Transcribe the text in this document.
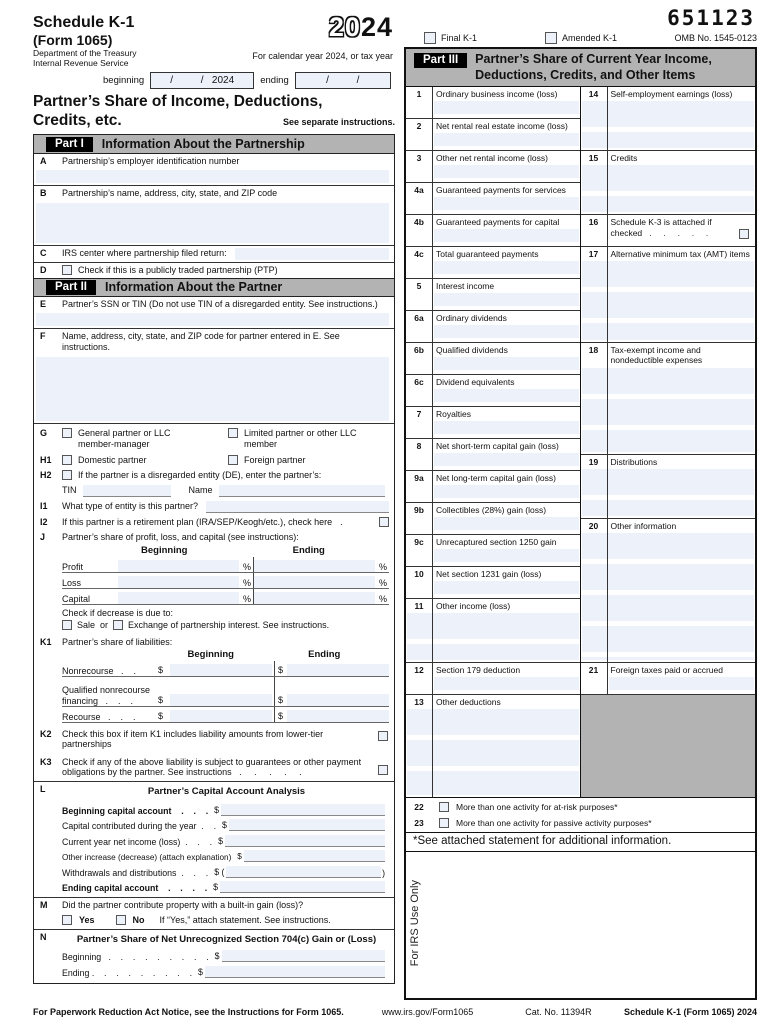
Schedule K-1
(Form 1065)
Department of the Treasury
Internal Revenue Service
2024
For calendar year 2024, or tax year
beginning	/          /   2024	ending	/          /
Partner’s Share of Income, Deductions,
Credits, etc.	See separate instructions.
Part I	Information About the Partnership
A	Partnership’s employer identification number
B	Partnership’s name, address, city, state, and ZIP code
C	IRS center where partnership filed return:
D	Check if this is a publicly traded partnership (PTP)
Part II	Information About the Partner
E	Partner’s SSN or TIN (Do not use TIN of a disregarded entity. See instructions.)
F	Name, address, city, state, and ZIP code for partner entered in E. See instructions.
G	General partner or LLC member-manager
Limited partner or other LLC member
H1	Domestic partner	Foreign partner
H2	If the partner is a disregarded entity (DE), enter the partner’s:
TIN	Name
I1	What type of entity is this partner?
I2	If this partner is a retirement plan (IRA/SEP/Keogh/etc.), check here .
J	Partner’s share of profit, loss, and capital (see instructions):
Beginning	Ending
Profit	%	%
Loss	%	%
Capital	%	%
Check if decrease is due to:
Sale or Exchange of partnership interest. See instructions.
K1	Partner’s share of liabilities:
Beginning	Ending
Nonrecourse   .    .	$	$
Qualified nonrecourse financing   .    .    .	$	$
Recourse   .    .    .	$	$
K2	Check this box if item K1 includes liability amounts from lower-tier partnerships
K3	Check if any of the above liability is subject to guarantees or other payment obligations by the partner. See instructions   .     .     .     .     .
L	Partner’s Capital Account Analysis
Beginning capital account    .    .    . $
Capital contributed during the year  .    . $
Current year net income (loss)  .    .    . $
Other increase (decrease) (attach explanation) $
Withdrawals and distributions  .    .    . $ (	)
Ending capital account    .    .    .    . $
M	Did the partner contribute property with a built-in gain (loss)?
Yes	No If “Yes,” attach statement. See instructions.
N	Partner’s Share of Net Unrecognized Section 704(c) Gain or (Loss)
Beginning   .    .    .    .    .    .    .    .    . $
Ending .    .    .    .    .    .    .    .    . $
651123
Final K-1	Amended K-1	OMB No. 1545-0123
Part III	Partner’s Share of Current Year Income,
Deductions, Credits, and Other Items
1	Ordinary business income (loss)
2	Net rental real estate income (loss)
3	Other net rental income (loss)
4a	Guaranteed payments for services
4b	Guaranteed payments for capital
4c	Total guaranteed payments
5	Interest income
6a	Ordinary dividends
6b	Qualified dividends
6c	Dividend equivalents
7	Royalties
8	Net short-term capital gain (loss)
9a	Net long-term capital gain (loss)
9b	Collectibles (28%) gain (loss)
9c	Unrecaptured section 1250 gain
10	Net section 1231 gain (loss)
11	Other income (loss)
12	Section 179 deduction
13	Other deductions
14	Self-employment earnings (loss)
15	Credits
16	Schedule K-3 is attached if
checked   .     .     .     .     .
17	Alternative minimum tax (AMT) items
18	Tax-exempt income and
nondeductible expenses
19	Distributions
20	Other information
21	Foreign taxes paid or accrued
22	More than one activity for at-risk purposes*
23	More than one activity for passive activity purposes*
*See attached statement for additional information.
For IRS Use Only
For Paperwork Reduction Act Notice, see the Instructions for Form 1065.	www.irs.gov/Form1065	Cat. No. 11394R	Schedule K-1 (Form 1065) 2024
